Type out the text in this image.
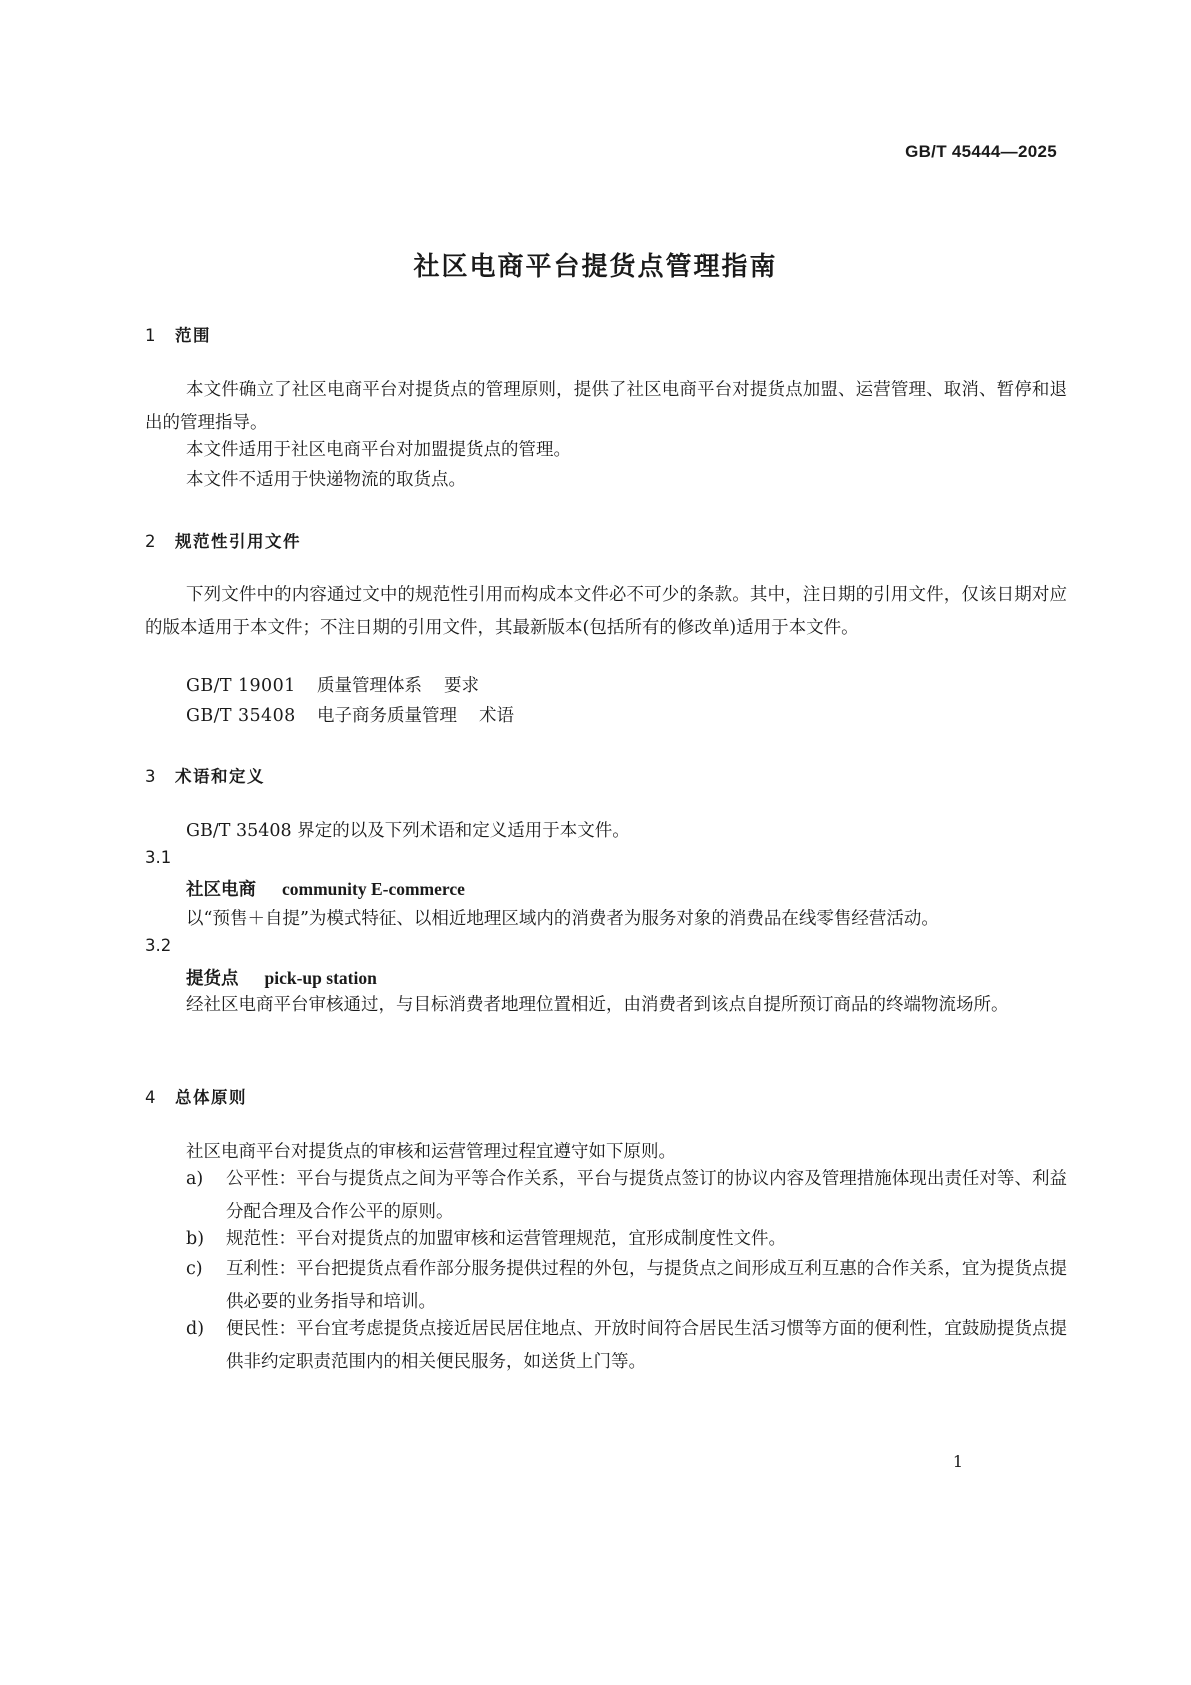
GB/T 45444—2025
社区电商平台提货点管理指南
1 范围
本文件确立了社区电商平台对提货点的管理原则，提供了社区电商平台对提货点加盟、运营管理、取消、暂停和退出的管理指导。
本文件适用于社区电商平台对加盟提货点的管理。
本文件不适用于快递物流的取货点。
2 规范性引用文件
下列文件中的内容通过文中的规范性引用而构成本文件必不可少的条款。其中，注日期的引用文件，仅该日期对应的版本适用于本文件；不注日期的引用文件，其最新版本(包括所有的修改单)适用于本文件。
GB/T 19001 质量管理体系 要求
GB/T 35408 电子商务质量管理 术语
3 术语和定义
GB/T 35408 界定的以及下列术语和定义适用于本文件。
3.1
社区电商 community E-commerce
以“预售＋自提”为模式特征、以相近地理区域内的消费者为服务对象的消费品在线零售经营活动。
3.2
提货点 pick-up station
经社区电商平台审核通过，与目标消费者地理位置相近，由消费者到该点自提所预订商品的终端物流场所。
4 总体原则
社区电商平台对提货点的审核和运营管理过程宜遵守如下原则。
a) 公平性：平台与提货点之间为平等合作关系，平台与提货点签订的协议内容及管理措施体现出责任对等、利益分配合理及合作公平的原则。
b) 规范性：平台对提货点的加盟审核和运营管理规范，宜形成制度性文件。
c) 互利性：平台把提货点看作部分服务提供过程的外包，与提货点之间形成互利互惠的合作关系，宜为提货点提供必要的业务指导和培训。
d) 便民性：平台宜考虑提货点接近居民居住地点、开放时间符合居民生活习惯等方面的便利性，宜鼓励提货点提供非约定职责范围内的相关便民服务，如送货上门等。
1
